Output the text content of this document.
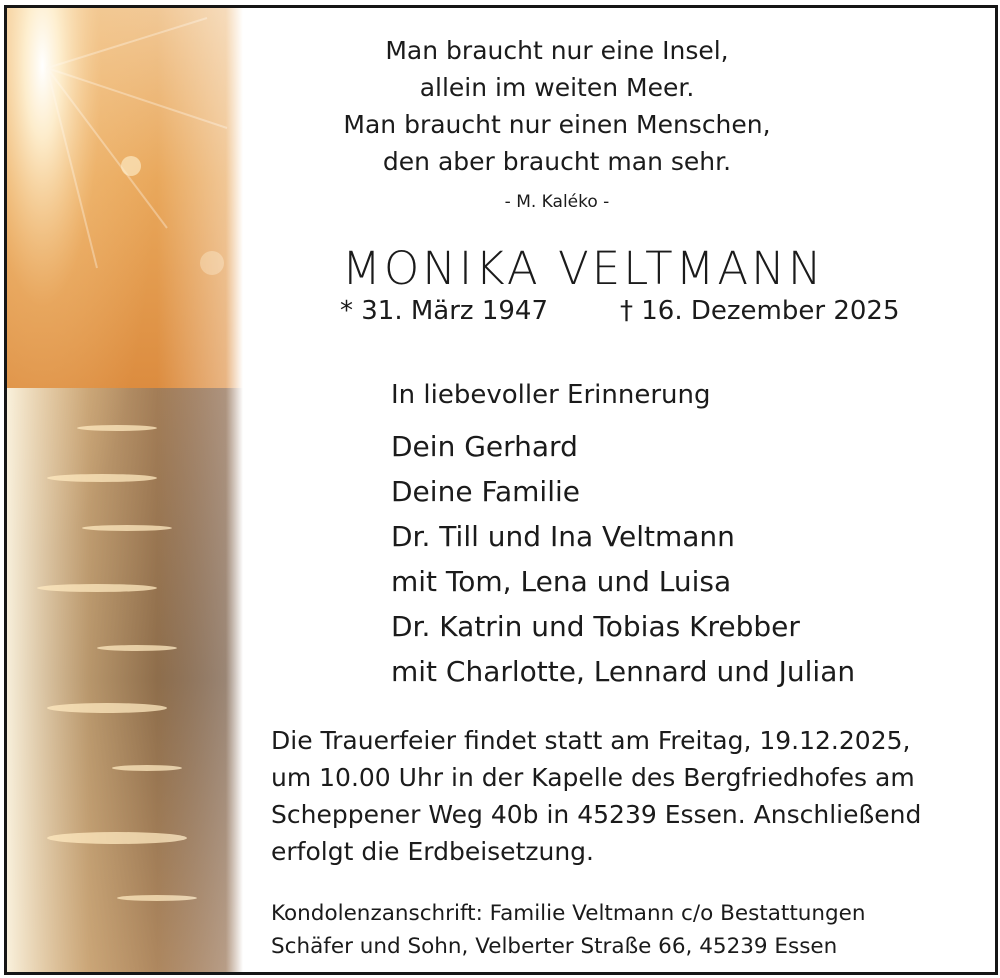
Man braucht nur eine Insel,
allein im weiten Meer.
Man braucht nur einen Menschen,
den aber braucht man sehr.
- M. Kaléko -
MONIKA VELTMANN
* 31. März 1947	† 16. Dezember 2025
In liebevoller Erinnerung
Dein Gerhard
Deine Familie
Dr. Till und Ina Veltmann
mit Tom, Lena und Luisa
Dr. Katrin und Tobias Krebber
mit Charlotte, Lennard und Julian
Die Trauerfeier findet statt am Freitag, 19.12.2025,
um 10.00 Uhr in der Kapelle des Bergfriedhofes am
Scheppener Weg 40b in 45239 Essen. Anschließend
erfolgt die Erdbeisetzung.
Kondolenzanschrift: Familie Veltmann c/o Bestattungen
Schäfer und Sohn, Velberter Straße 66, 45239 Essen
